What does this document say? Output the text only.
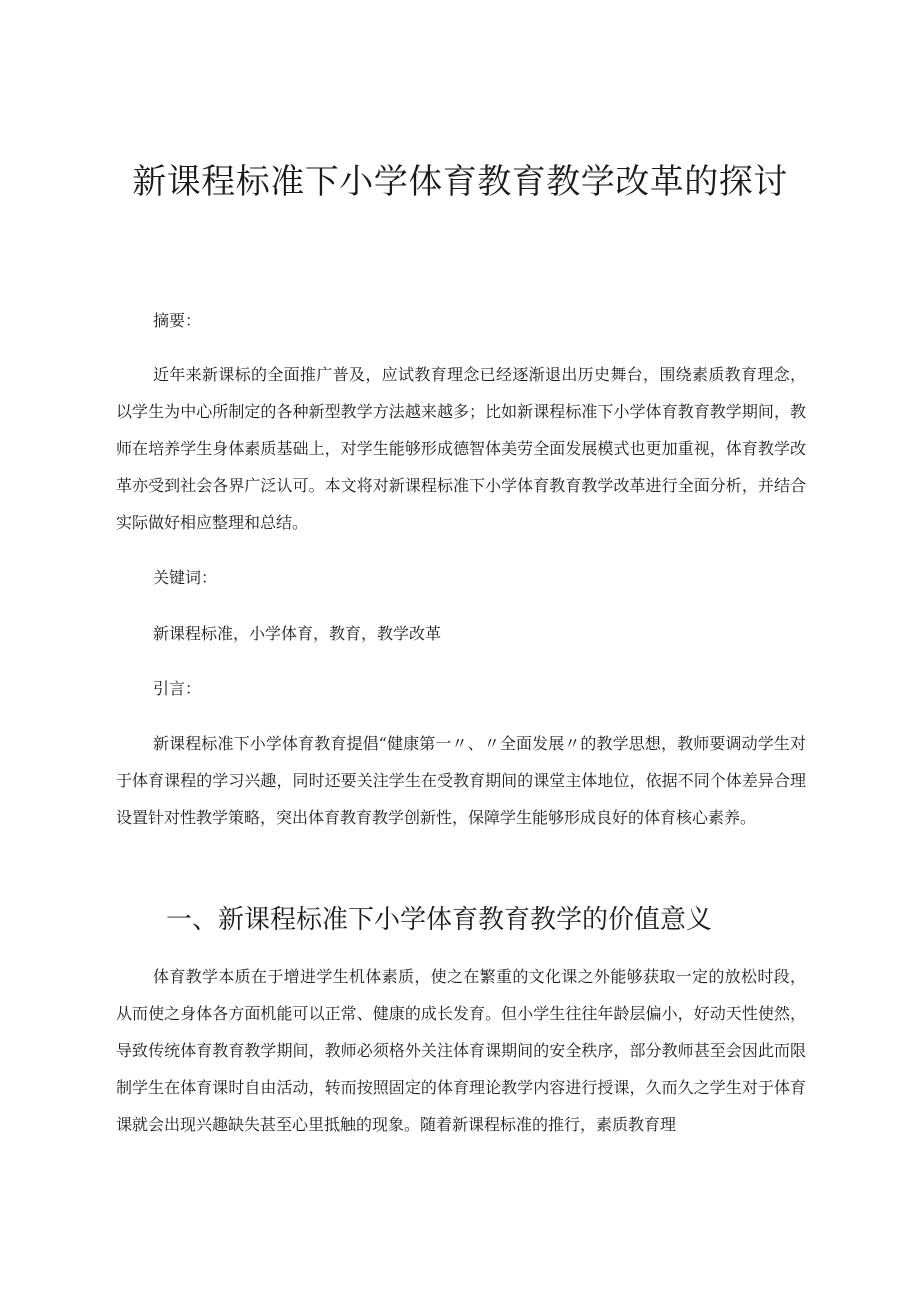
新课程标准下小学体育教育教学改革的探讨

摘要：

近年来新课标的全面推广普及，应试教育理念已经逐渐退出历史舞台，围绕素质教育理念，以学生为中心所制定的各种新型教学方法越来越多；比如新课程标准下小学体育教育教学期间，教师在培养学生身体素质基础上，对学生能够形成德智体美劳全面发展模式也更加重视，体育教学改革亦受到社会各界广泛认可。本文将对新课程标准下小学体育教育教学改革进行全面分析，并结合实际做好相应整理和总结。

关键词：

新课程标准，小学体育，教育，教学改革

引言：

新课程标准下小学体育教育提倡“健康第一〃、〃全面发展〃的教学思想，教师要调动学生对于体育课程的学习兴趣，同时还要关注学生在受教育期间的课堂主体地位，依据不同个体差异合理设置针对性教学策略，突出体育教育教学创新性，保障学生能够形成良好的体育核心素养。

一、新课程标准下小学体育教育教学的价值意义

体育教学本质在于增进学生机体素质，使之在繁重的文化课之外能够获取一定的放松时段，从而使之身体各方面机能可以正常、健康的成长发育。但小学生往往年龄层偏小，好动天性使然，导致传统体育教育教学期间，教师必须格外关注体育课期间的安全秩序，部分教师甚至会因此而限制学生在体育课时自由活动，转而按照固定的体育理论教学内容进行授课，久而久之学生对于体育课就会出现兴趣缺失甚至心里抵触的现象。随着新课程标准的推行，素质教育理
